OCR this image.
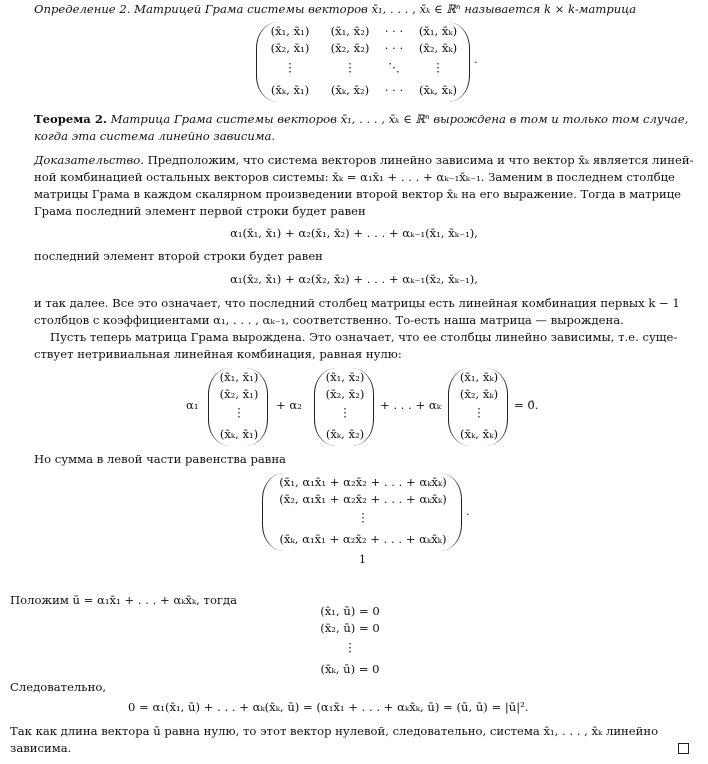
Определение 2. Матрицей Грама системы векторов x̄₁, . . . , x̄ₖ ∈ ℝⁿ называется k × k-матрица
(x̄₁, x̄₁)	(x̄₁, x̄₂)	· · ·	(x̄₁, x̄ₖ)
(x̄₂, x̄₁)	(x̄₂, x̄₂)	· · ·	(x̄₂, x̄ₖ)
⋮	⋮	⋱	⋮
(x̄ₖ, x̄₁)	(x̄ₖ, x̄₂)	· · ·	(x̄ₖ, x̄ₖ)
.
Теорема 2. Матрица Грама системы векторов x̄₁, . . . , x̄ₖ ∈ ℝⁿ вырождена в том и только том случае,
когда эта система линейно зависима.
Доказательство. Предположим, что система векторов линейно зависима и что вектор x̄ₖ является линей-
ной комбинацией остальных векторов системы: x̄ₖ = α₁x̄₁ + . . . + αₖ₋₁x̄ₖ₋₁. Заменим в последнем столбце
матрицы Грама в каждом скалярном произведении второй вектор x̄ₖ на его выражение. Тогда в матрице
Грама последний элемент первой строки будет равен
α₁(x̄₁, x̄₁) + α₂(x̄₁, x̄₂) + . . . + αₖ₋₁(x̄₁, x̄ₖ₋₁),
последний элемент второй строки будет равен
α₁(x̄₂, x̄₁) + α₂(x̄₂, x̄₂) + . . . + αₖ₋₁(x̄₂, x̄ₖ₋₁),
и так далее. Все это означает, что последний столбец матрицы есть линейная комбинация первых k − 1
столбцов с коэффициентами α₁, . . . , αₖ₋₁, соответственно. То-есть наша матрица — вырождена.
Пусть теперь матрица Грама вырождена. Это означает, что ее столбцы линейно зависимы, т.е. суще-
ствует нетривиальная линейная комбинация, равная нулю:
α₁
(x̄₁, x̄₁)
(x̄₂, x̄₁)
⋮
(x̄ₖ, x̄₁)
+ α₂
(x̄₁, x̄₂)
(x̄₂, x̄₂)
⋮
(x̄ₖ, x̄₂)
+ . . . + αₖ
(x̄₁, x̄ₖ)
(x̄₂, x̄ₖ)
⋮
(x̄ₖ, x̄ₖ)
= 0̄.
Но сумма в левой части равенства равна
(x̄₁, α₁x̄₁ + α₂x̄₂ + . . . + αₖx̄ₖ)
(x̄₂, α₁x̄₁ + α₂x̄₂ + . . . + αₖx̄ₖ)
⋮
(x̄ₖ, α₁x̄₁ + α₂x̄₂ + . . . + αₖx̄ₖ)
.
1
Положим ū = α₁x̄₁ + . . . + αₖx̄ₖ, тогда
(x̄₁, ū) = 0
(x̄₂, ū) = 0
⋮
(x̄ₖ, ū) = 0
Следовательно,
0 = α₁(x̄₁, ū) + . . . + αₖ(x̄ₖ, ū) = (α₁x̄₁ + . . . + αₖx̄ₖ, ū) = (ū, ū) = |ū|².
Так как длина вектора ū равна нулю, то этот вектор нулевой, следовательно, система x̄₁, . . . , x̄ₖ линейно
зависима.
